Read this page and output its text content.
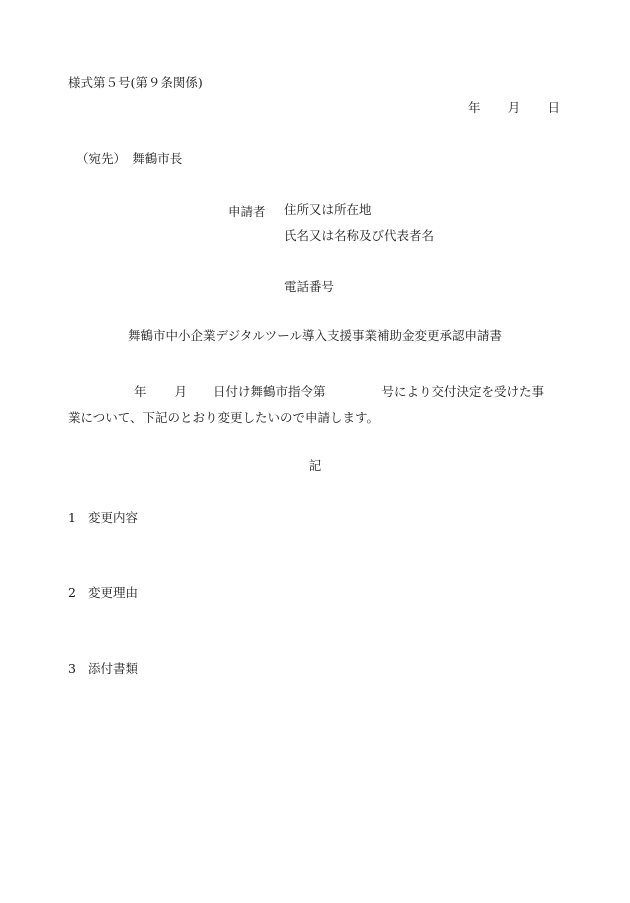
様式第５号(第９条関係)
年 月 日
（宛先）　舞鶴市長
申請者 住所又は所在地
氏名又は名称及び代表者名
電話番号
舞鶴市中小企業デジタルツール導入支援事業補助金変更承認申請書
年 月 日付け舞鶴市指令第	号により交付決定を受けた事
業について、下記のとおり変更したいので申請します。
記
1 変更内容
2 変更理由
3 添付書類
